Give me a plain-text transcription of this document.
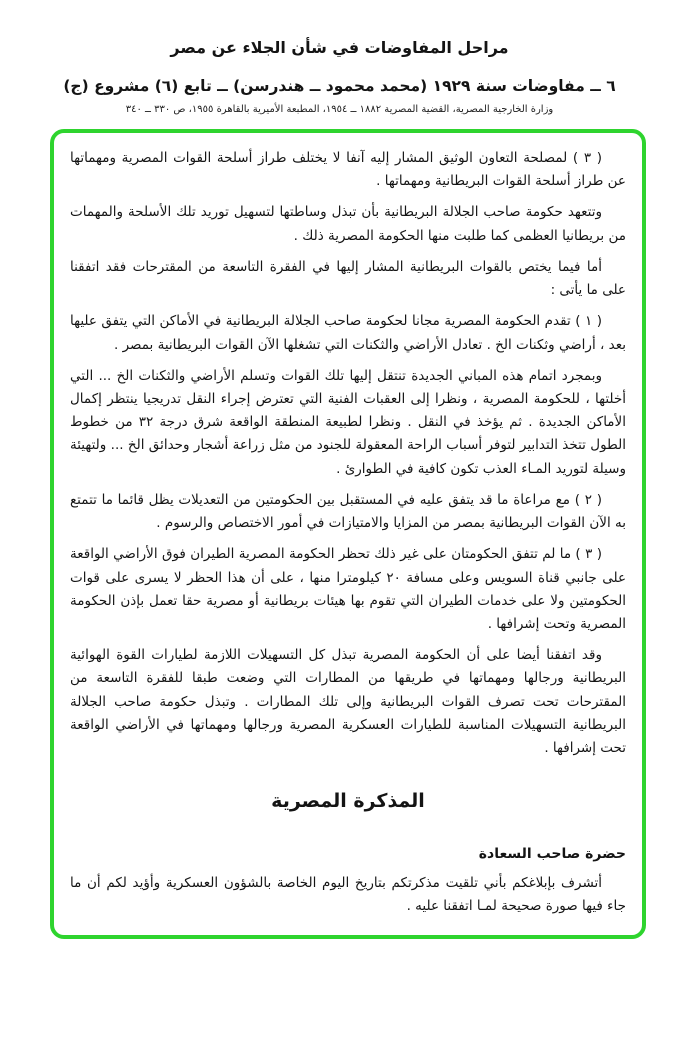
مراحل المفاوضات في شأن الجلاء عن مصر
٦ ــ مفاوضات سنة ١٩٢٩ (محمد محمود ــ هندرسن) ــ تابع (٦) مشروع (ج)
وزارة الخارجية المصرية، القضية المصرية ١٨٨٢ ــ ١٩٥٤، المطبعة الأميرية بالقاهرة ١٩٥٥، ص ٣٣٠ ــ ٣٤٠

( ٣ ) لمصلحة التعاون الوثيق المشار إليه آنفا لا يختلف طراز أسلحة القوات المصرية ومهماتها عن طراز أسلحة القوات البريطانية ومهماتها .

وتتعهد حكومة صاحب الجلالة البريطانية بأن تبذل وساطتها لتسهيل توريد تلك الأسلحة والمهمات من بريطانيا العظمى كما طلبت منها الحكومة المصرية ذلك .

أما فيما يختص بالقوات البريطانية المشار إليها في الفقرة التاسعة من المقترحات فقد اتفقنا على ما يأتى :

( ١ ) تقدم الحكومة المصرية مجانا لحكومة صاحب الجلالة البريطانية في الأماكن التي يتفق عليها بعد ، أراضي وثكنات الخ . تعادل الأراضي والثكنات التي تشغلها الآن القوات البريطانية بمصر .

وبمجرد اتمام هذه المباني الجديدة تنتقل إليها تلك القوات وتسلم الأراضي والثكنات الخ ... التي أخلتها ، للحكومة المصرية ، ونظرا إلى العقبات الفنية التي تعترض إجراء النقل تدريجيا ينتظر إكمال الأماكن الجديدة . ثم يؤخذ في النقل . ونظرا لطبيعة المنطقة الواقعة شرق درجة ٣٢ من خطوط الطول تتخذ التدابير لتوفر أسباب الراحة المعقولة للجنود من مثل زراعة أشجار وحدائق الخ ... ولتهيئة وسيلة لتوريد المـاء العذب تكون كافية في الطوارئ .

( ٢ ) مع مراعاة ما قد يتفق عليه في المستقبل بين الحكومتين من التعديلات يظل قائما ما تتمتع به الآن القوات البريطانية بمصر من المزايا والامتيازات في أمور الاختصاص والرسوم .

( ٣ ) ما لم تتفق الحكومتان على غير ذلك تحظر الحكومة المصرية الطيران فوق الأراضي الواقعة على جانبي قناة السويس وعلى مسافة ٢٠ كيلومترا منها ، على أن هذا الحظر لا يسرى على قوات الحكومتين ولا على خدمات الطيران التي تقوم بها هيئات بريطانية أو مصرية حقا تعمل بإذن الحكومة المصرية وتحت إشرافها .

وقد اتفقنا أيضا على أن الحكومة المصرية تبذل كل التسهيلات اللازمة لطيارات القوة الهوائية البريطانية ورجالها ومهماتها في طريقها من المطارات التي وضعت طبقا للفقرة التاسعة من المقترحات تحت تصرف القوات البريطانية وإلى تلك المطارات . وتبذل حكومة صاحب الجلالة البريطانية التسهيلات المناسبة للطيارات العسكرية المصرية ورجالها ومهماتها في الأراضي الواقعة تحت إشرافها .

المذكرة المصرية

حضرة صاحب السعادة

أتشرف بإبلاغكم بأني تلقيت مذكرتكم بتاريخ اليوم الخاصة بالشؤون العسكرية وأؤيد لكم أن ما جاء فيها صورة صحيحة لمـا اتفقنا عليه .
